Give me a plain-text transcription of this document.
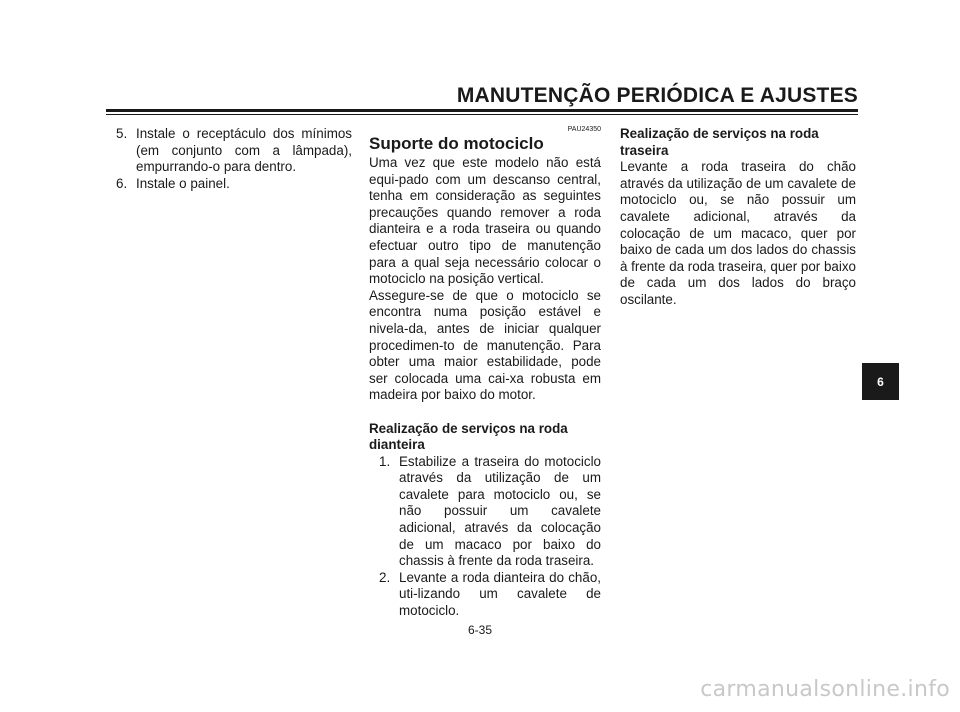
MANUTENÇÃO PERIÓDICA E AJUSTES
5. Instale o receptáculo dos mínimos (em conjunto com a lâmpada), empurrando-o para dentro.
6. Instale o painel.
PAU24350
Suporte do motociclo
Uma vez que este modelo não está equi-pado com um descanso central, tenha em consideração as seguintes precauções quando remover a roda dianteira e a roda traseira ou quando efectuar outro tipo de manutenção para a qual seja necessário colocar o motociclo na posição vertical.
Assegure-se de que o motociclo se encontra numa posição estável e nivela-da, antes de iniciar qualquer procedimen-to de manutenção. Para obter uma maior estabilidade, pode ser colocada uma cai-xa robusta em madeira por baixo do motor.
Realização de serviços na roda
dianteira
1. Estabilize a traseira do motociclo através da utilização de um cavalete para motociclo ou, se não possuir um cavalete adicional, através da colocação de um macaco por baixo do chassis à frente da roda traseira.
2. Levante a roda dianteira do chão, uti-lizando um cavalete de motociclo.
Realização de serviços na roda
traseira
Levante a roda traseira do chão através da utilização de um cavalete de motociclo ou, se não possuir um cavalete adicional, através da colocação de um macaco, quer por baixo de cada um dos lados do chassis à frente da roda traseira, quer por baixo de cada um dos lados do braço oscilante.
6-35
6
carmanualsonline.info
